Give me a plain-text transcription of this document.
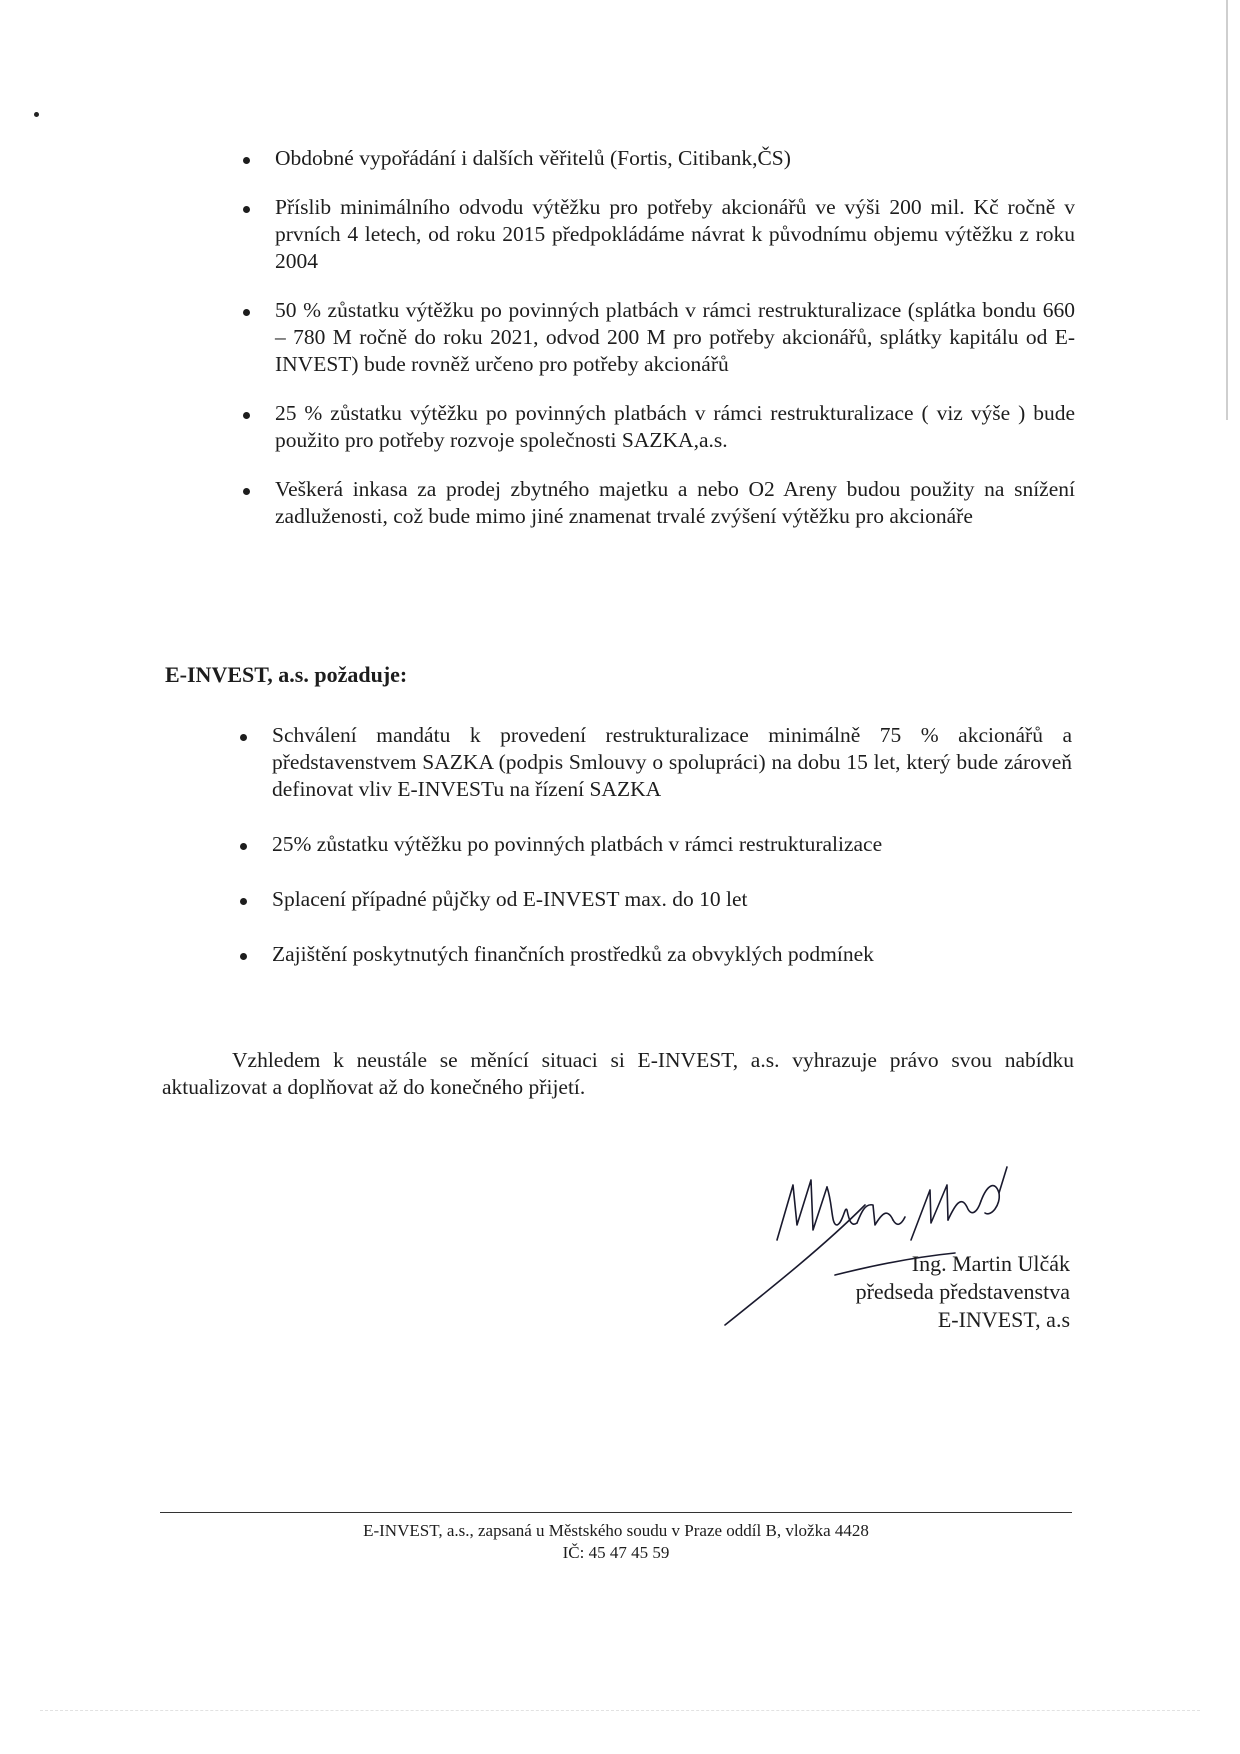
Obdobné vypořádání i dalších věřitelů (Fortis, Citibank,ČS)
Příslib minimálního odvodu výtěžku pro potřeby akcionářů ve výši 200 mil. Kč ročně v prvních 4 letech, od roku 2015 předpokládáme návrat k původnímu objemu výtěžku z roku 2004
50 % zůstatku výtěžku po povinných platbách v rámci restrukturalizace (splátka bondu 660 – 780 M ročně do roku 2021, odvod 200 M pro potřeby akcionářů, splátky kapitálu od E-INVEST) bude rovněž určeno pro potřeby akcionářů
25 % zůstatku výtěžku po povinných platbách v rámci restrukturalizace ( viz výše ) bude použito pro potřeby rozvoje společnosti SAZKA,a.s.
Veškerá inkasa za prodej zbytného majetku a nebo O2 Areny budou použity na snížení zadluženosti, což bude mimo jiné znamenat trvalé zvýšení výtěžku pro akcionáře
E-INVEST, a.s. požaduje:
Schválení mandátu k provedení restrukturalizace minimálně 75 % akcionářů a představenstvem SAZKA (podpis Smlouvy o spolupráci) na dobu 15 let, který bude zároveň definovat vliv E-INVESTu na řízení SAZKA
25% zůstatku výtěžku po povinných platbách v rámci restrukturalizace
Splacení případné půjčky od E-INVEST max. do 10 let
Zajištění poskytnutých finančních prostředků za obvyklých podmínek

Vzhledem k neustále se měnící situaci si E-INVEST, a.s. vyhrazuje právo svou nabídku aktualizovat a doplňovat až do konečného přijetí.

Ing. Martin Ulčák
předseda představenstva
E-INVEST, a.s
E-INVEST, a.s., zapsaná u Městského soudu v Praze oddíl B, vložka 4428
IČ: 45 47 45 59
